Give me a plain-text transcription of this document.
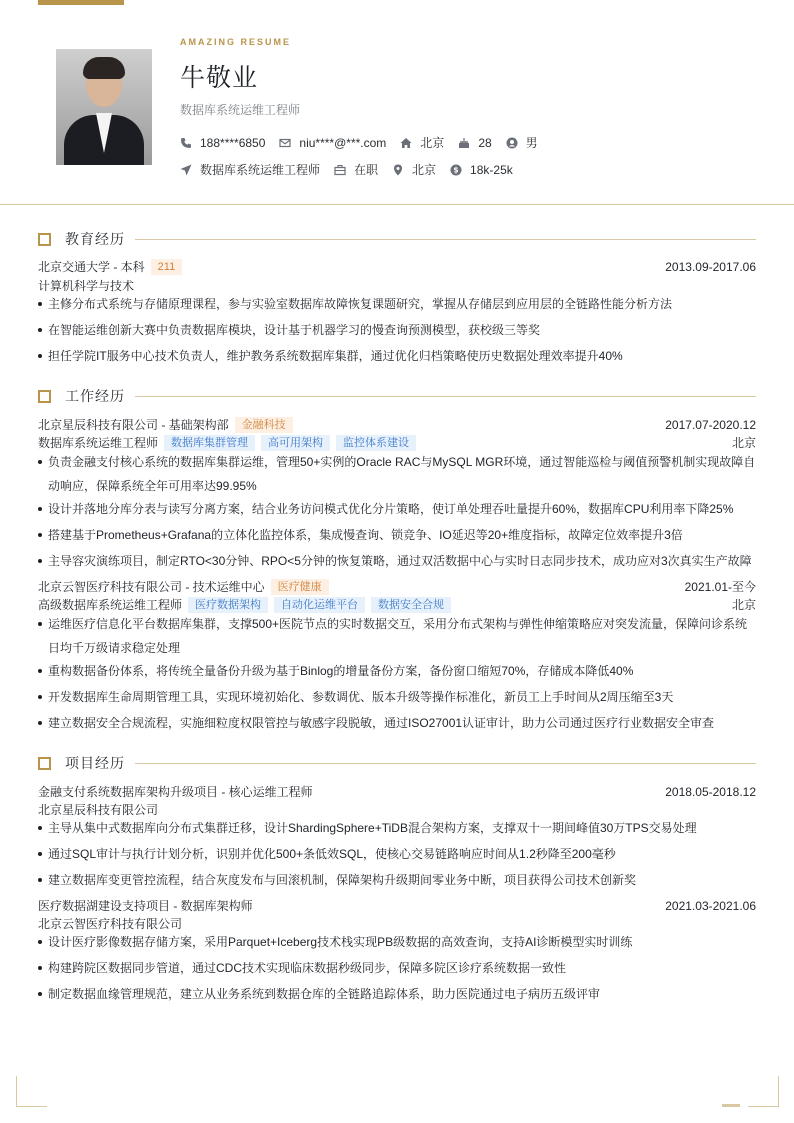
AMAZING RESUME
牛敬业
数据库系统运维工程师
188****6850	niu****@***.com	北京	28	男
数据库系统运维工程师	在职	北京 $ 18k-25k
教育经历
北京交通大学 - 本科	211	2013.09-2017.06
计算机科学与技术
主修分布式系统与存储原理课程，参与实验室数据库故障恢复课题研究，掌握从存储层到应用层的全链路性能分析方法
在智能运维创新大赛中负责数据库模块，设计基于机器学习的慢查询预测模型，获校级三等奖
担任学院IT服务中心技术负责人，维护教务系统数据库集群，通过优化归档策略使历史数据处理效率提升40%
工作经历
北京星辰科技有限公司 - 基础架构部	金融科技	2017.07-2020.12
数据库系统运维工程师	数据库集群管理	高可用架构	监控体系建设	北京
负责金融支付核心系统的数据库集群运维，管理50+实例的Oracle RAC与MySQL MGR环境，通过智能巡检与阈值预警机制实现故障自动响应，保障系统全年可用率达99.95%
设计并落地分库分表与读写分离方案，结合业务访问模式优化分片策略，使订单处理吞吐量提升60%，数据库CPU利用率下降25%
搭建基于Prometheus+Grafana的立体化监控体系，集成慢查询、锁竞争、IO延迟等20+维度指标，故障定位效率提升3倍
主导容灾演练项目，制定RTO<30分钟、RPO<5分钟的恢复策略，通过双活数据中心与实时日志同步技术，成功应对3次真实生产故障
北京云智医疗科技有限公司 - 技术运维中心	医疗健康	2021.01-至今
高级数据库系统运维工程师	医疗数据架构	自动化运维平台	数据安全合规	北京
运维医疗信息化平台数据库集群，支撑500+医院节点的实时数据交互，采用分布式架构与弹性伸缩策略应对突发流量，保障问诊系统日均千万级请求稳定处理
重构数据备份体系，将传统全量备份升级为基于Binlog的增量备份方案，备份窗口缩短70%，存储成本降低40%
开发数据库生命周期管理工具，实现环境初始化、参数调优、版本升级等操作标准化，新员工上手时间从2周压缩至3天
建立数据安全合规流程，实施细粒度权限管控与敏感字段脱敏，通过ISO27001认证审计，助力公司通过医疗行业数据安全审查
项目经历
金融支付系统数据库架构升级项目 - 核心运维工程师	2018.05-2018.12
北京星辰科技有限公司
主导从集中式数据库向分布式集群迁移，设计ShardingSphere+TiDB混合架构方案，支撑双十一期间峰值30万TPS交易处理
通过SQL审计与执行计划分析，识别并优化500+条低效SQL，使核心交易链路响应时间从1.2秒降至200毫秒
建立数据库变更管控流程，结合灰度发布与回滚机制，保障架构升级期间零业务中断，项目获得公司技术创新奖
医疗数据湖建设支持项目 - 数据库架构师	2021.03-2021.06
北京云智医疗科技有限公司
设计医疗影像数据存储方案，采用Parquet+Iceberg技术栈实现PB级数据的高效查询，支持AI诊断模型实时训练
构建跨院区数据同步管道，通过CDC技术实现临床数据秒级同步，保障多院区诊疗系统数据一致性
制定数据血缘管理规范，建立从业务系统到数据仓库的全链路追踪体系，助力医院通过电子病历五级评审
